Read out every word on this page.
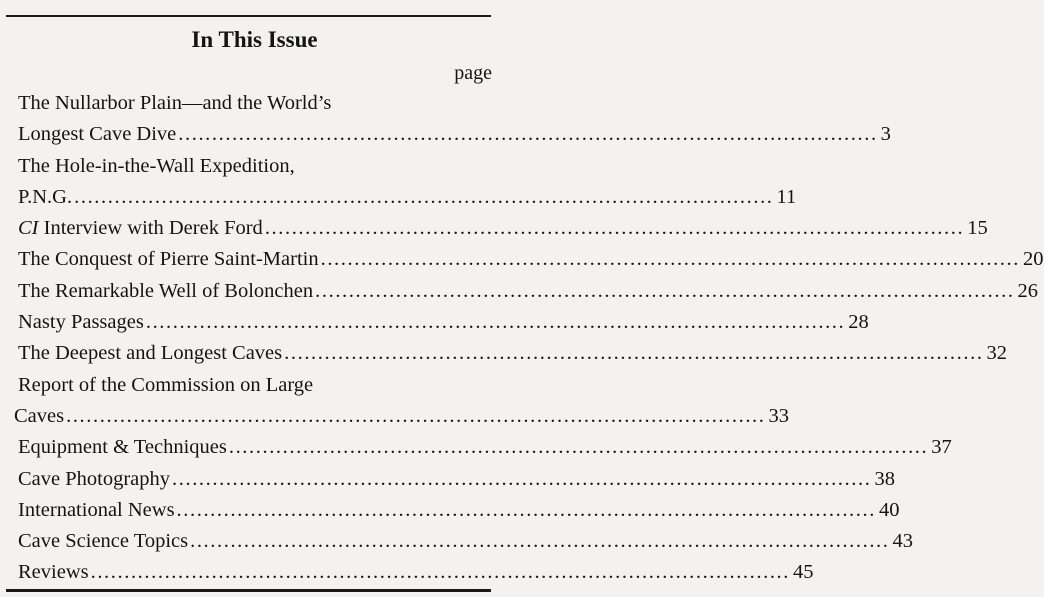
In This Issue
page
The Nullarbor Plain—and the World’s
Longest Cave Dive ........................................................................................................ 3
The Hole-in-the-Wall Expedition,
P.N.G. ........................................................................................................ 11
CI Interview with Derek Ford ........................................................................................................ 15
The Conquest of Pierre Saint-Martin ........................................................................................................ 20
The Remarkable Well of Bolonchen ........................................................................................................ 26
Nasty Passages ........................................................................................................ 28
The Deepest and Longest Caves ........................................................................................................ 32
Report of the Commission on Large
Caves ........................................................................................................ 33
Equipment & Techniques ........................................................................................................ 37
Cave Photography ........................................................................................................ 38
International News ........................................................................................................ 40
Cave Science Topics ........................................................................................................ 43
Reviews ........................................................................................................ 45
